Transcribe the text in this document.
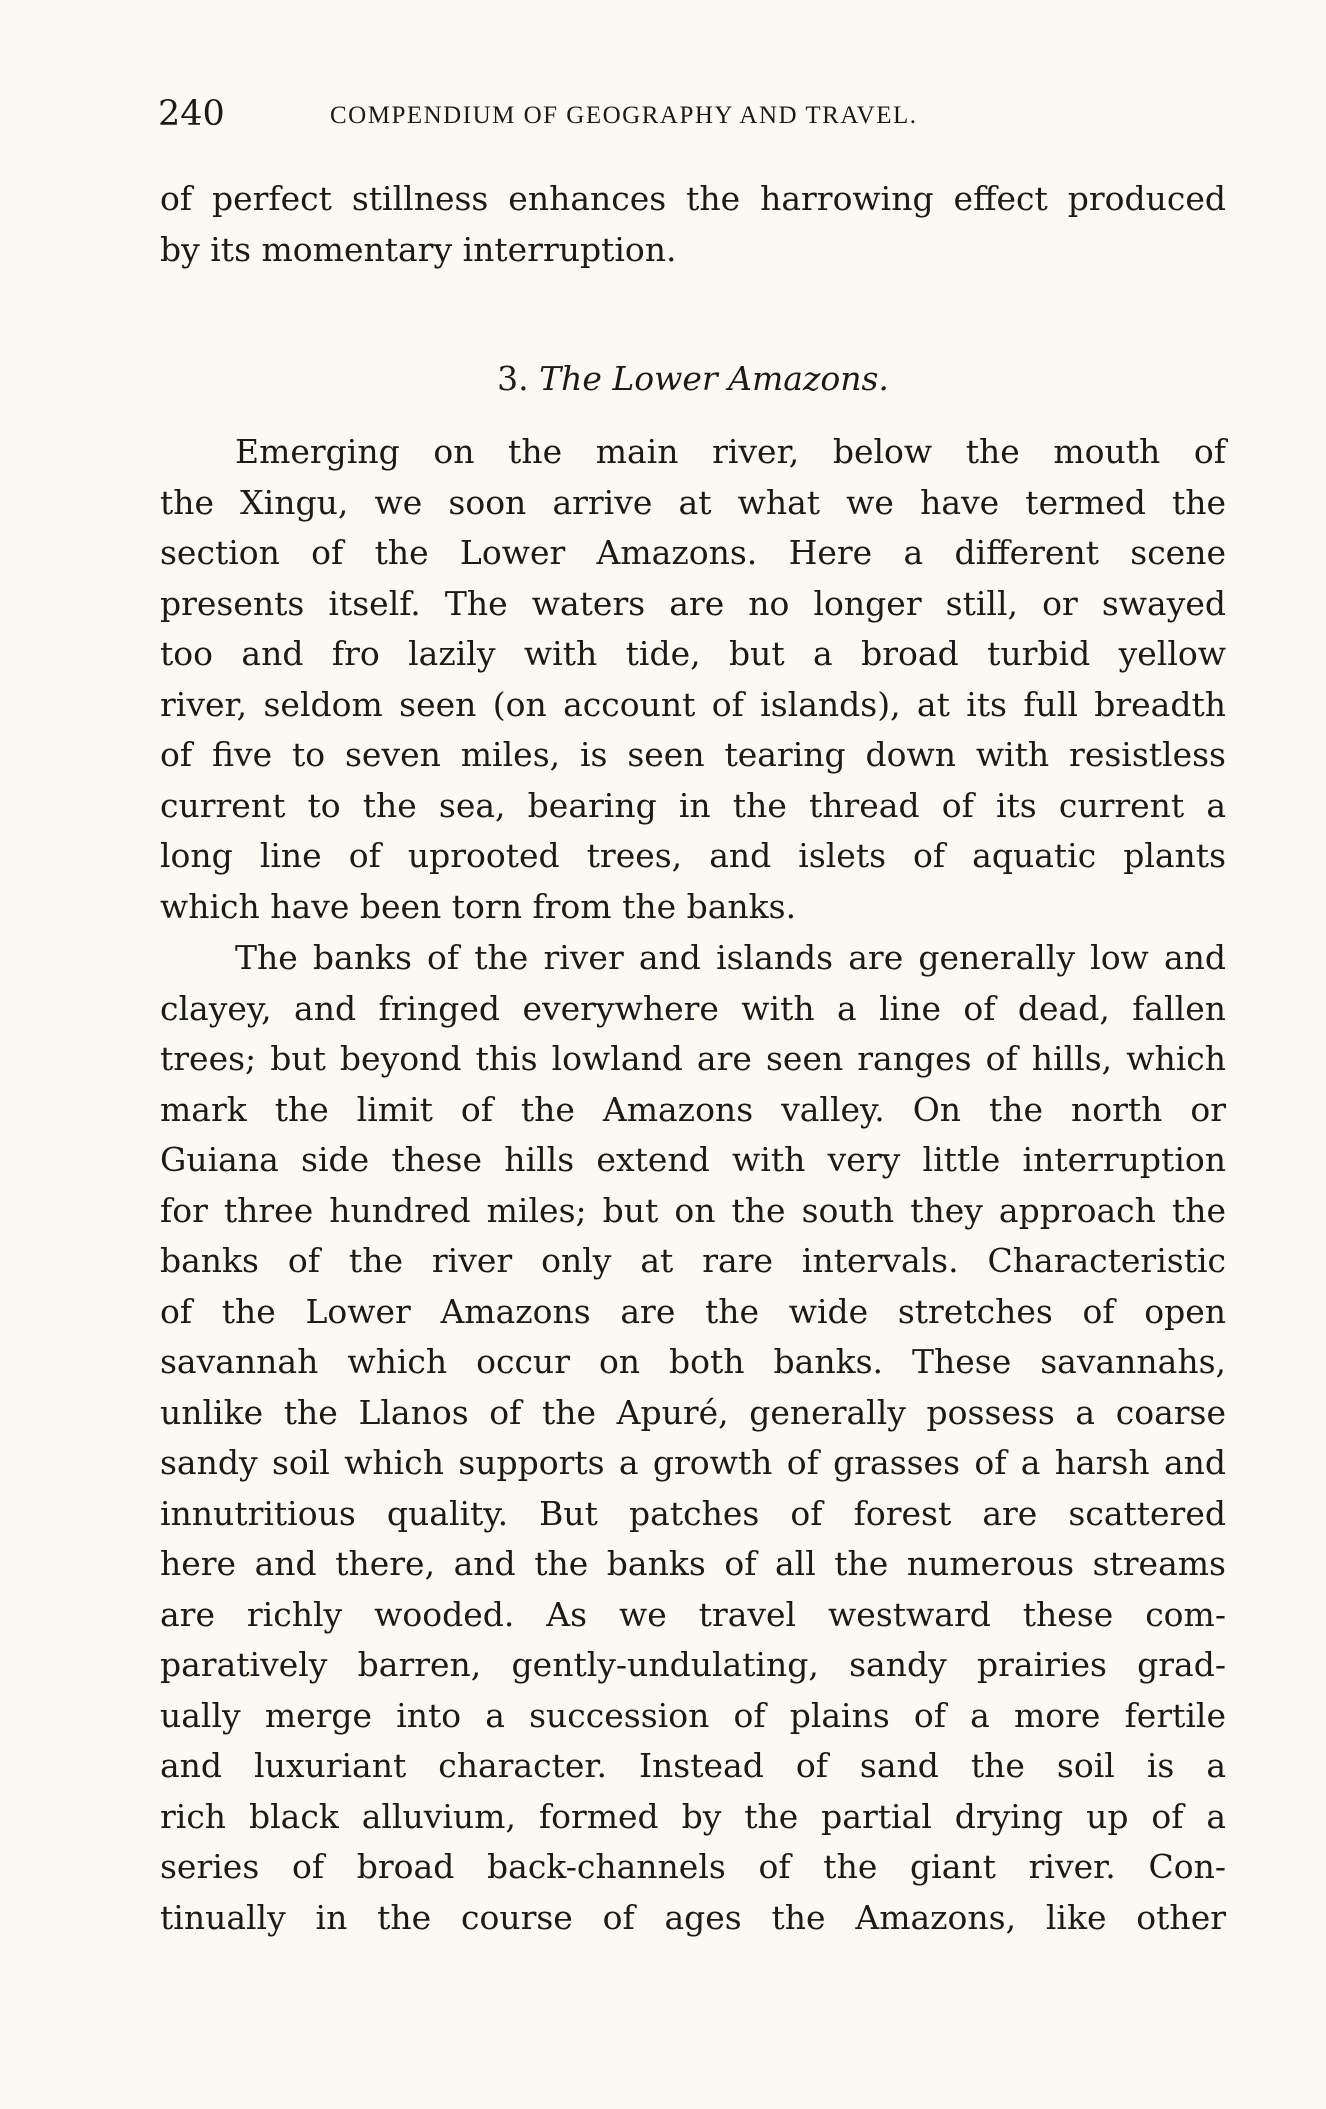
240	COMPENDIUM OF GEOGRAPHY AND TRAVEL.
of perfect stillness enhances the harrowing effect produced
by its momentary interruption.
3. The Lower Amazons.
Emerging on the main river, below the mouth of
the Xingu, we soon arrive at what we have termed the
section of the Lower Amazons. Here a different scene
presents itself. The waters are no longer still, or swayed
too and fro lazily with tide, but a broad turbid yellow
river, seldom seen (on account of islands), at its full breadth
of five to seven miles, is seen tearing down with resistless
current to the sea, bearing in the thread of its current a
long line of uprooted trees, and islets of aquatic plants
which have been torn from the banks.
The banks of the river and islands are generally low and
clayey, and fringed everywhere with a line of dead, fallen
trees; but beyond this lowland are seen ranges of hills, which
mark the limit of the Amazons valley. On the north or
Guiana side these hills extend with very little interruption
for three hundred miles; but on the south they approach the
banks of the river only at rare intervals. Characteristic
of the Lower Amazons are the wide stretches of open
savannah which occur on both banks. These savannahs,
unlike the Llanos of the Apuré, generally possess a coarse
sandy soil which supports a growth of grasses of a harsh and
innutritious quality. But patches of forest are scattered
here and there, and the banks of all the numerous streams
are richly wooded. As we travel westward these com-
paratively barren, gently-undulating, sandy prairies grad-
ually merge into a succession of plains of a more fertile
and luxuriant character. Instead of sand the soil is a
rich black alluvium, formed by the partial drying up of a
series of broad back-channels of the giant river. Con-
tinually in the course of ages the Amazons, like other
